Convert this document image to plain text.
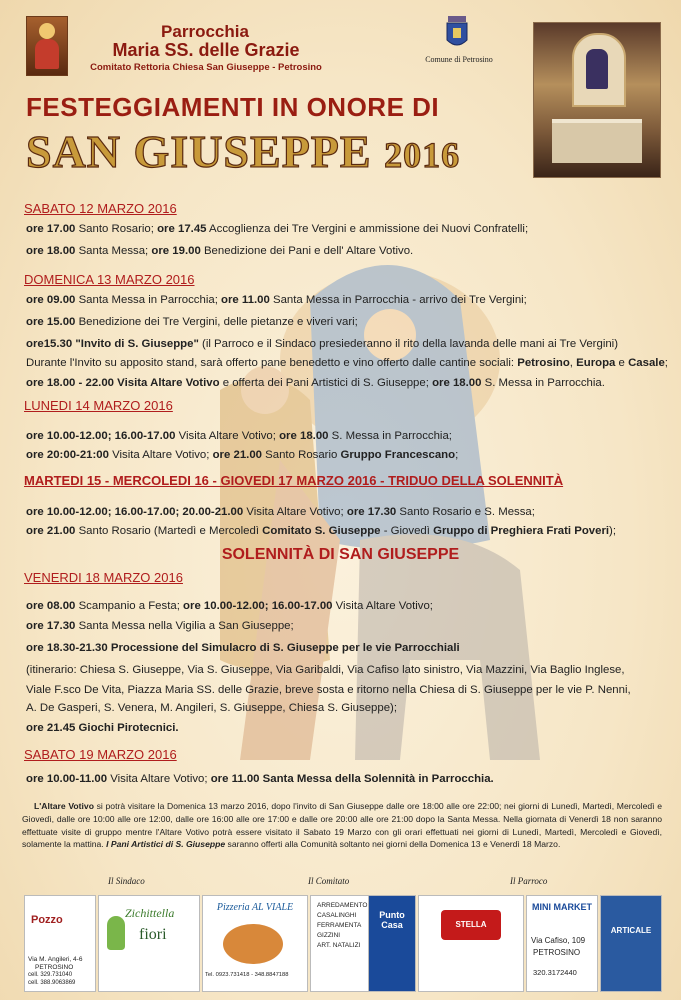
Parrocchia
Maria SS. delle Grazie
Comitato Rettoria Chiesa San Giuseppe - Petrosino
Comune di Petrosino
FESTEGGIAMENTI IN ONORE DI
SAN GIUSEPPE 2016
SABATO 12 MARZO 2016
ore 17.00 Santo Rosario; ore 17.45 Accoglienza dei Tre Vergini e ammissione dei Nuovi Confratelli;
ore 18.00 Santa Messa; ore 19.00 Benedizione dei Pani e dell' Altare Votivo.
DOMENICA 13 MARZO 2016
ore 09.00 Santa Messa in Parrocchia; ore 11.00 Santa Messa in Parrocchia - arrivo dei Tre Vergini;
ore 15.00 Benedizione dei Tre Vergini, delle pietanze e viveri vari;
ore15.30 "Invito di S. Giuseppe" (il Parroco e il Sindaco presiederanno il rito della lavanda delle mani ai Tre Vergini)
Durante l'Invito su apposito stand, sarà offerto pane benedetto e vino offerto dalle cantine sociali: Petrosino, Europa e Casale;
ore 18.00 - 22.00 Visita Altare Votivo e offerta dei Pani Artistici di S. Giuseppe; ore 18.00 S. Messa in Parrocchia.
LUNEDI 14 MARZO 2016
ore 10.00-12.00; 16.00-17.00 Visita Altare Votivo; ore 18.00 S. Messa in Parrocchia;
ore 20:00-21:00 Visita Altare Votivo; ore 21.00 Santo Rosario Gruppo Francescano;
MARTEDI 15 - MERCOLEDI 16 - GIOVEDI 17 MARZO 2016 - TRIDUO DELLA SOLENNITÀ
ore 10.00-12.00; 16.00-17.00; 20.00-21.00 Visita Altare Votivo; ore 17.30 Santo Rosario e S. Messa;
ore 21.00 Santo Rosario (Martedì e Mercoledì Comitato S. Giuseppe - Giovedì Gruppo di Preghiera Frati Poveri);
VENERDI 18 MARZO 2016
ore 08.00 Scampanio a Festa; ore 10.00-12.00; 16.00-17.00 Visita Altare Votivo;
ore 17.30 Santa Messa nella Vigilia a San Giuseppe;
ore 18.30-21.30 Processione del Simulacro di S. Giuseppe per le vie Parrocchiali
(itinerario: Chiesa S. Giuseppe, Via S. Giuseppe, Via Garibaldi, Via Cafiso lato sinistro, Via Mazzini, Via Baglio Inglese,
Viale F.sco De Vita, Piazza Maria SS. delle Grazie, breve sosta e ritorno nella Chiesa di S. Giuseppe per le vie P. Nenni,
A. De Gasperi, S. Venera, M. Angileri, S. Giuseppe, Chiesa S. Giuseppe);
ore 21.45 Giochi Pirotecnici.
SABATO 19 MARZO 2016
ore 10.00-11.00 Visita Altare Votivo; ore 11.00 Santa Messa della Solennità in Parrocchia.
SOLENNITÀ DI SAN GIUSEPPE
L'Altare Votivo si potrà visitare la Domenica 13 marzo 2016, dopo l'invito di San Giuseppe dalle ore 18:00 alle ore 22:00; nei giorni di Lunedì, Martedì, Mercoledì e Giovedì, dalle ore 10:00 alle ore 12:00, dalle ore 16:00 alle ore 17:00 e dalle ore 20:00 alle ore 21:00 dopo la Santa Messa. Nella giornata di Venerdì 18 non saranno effettuate visite di gruppo mentre l'Altare Votivo potrà essere visitato il Sabato 19 Marzo con gli orari effettuati nei giorni di Lunedì, Martedì, Mercoledì e Giovedì, solamente la mattina. I Pani Artistici di S. Giuseppe saranno offerti alla Comunità soltanto nei giorni della Domenica 13 e Venerdì 18 Marzo.
Il Sindaco	Il Comitato	Il Parroco
Pozzo
Via M. Angileri, 4-6
PETROSINO
cell. 329.731040
cell. 388.9063869
Zichittella
fiori
Pizzeria AL VIALE
Tel. 0923.731418 - 348.8847188
ARREDAMENTO
CASALINGHI
FERRAMENTA
GIZZINI
ART. NATALIZI
Punto Casa	STELLA ARREDI
MINI MARKET
Via Cafiso, 109
PETROSINO
320.3172440
ARTICALE
